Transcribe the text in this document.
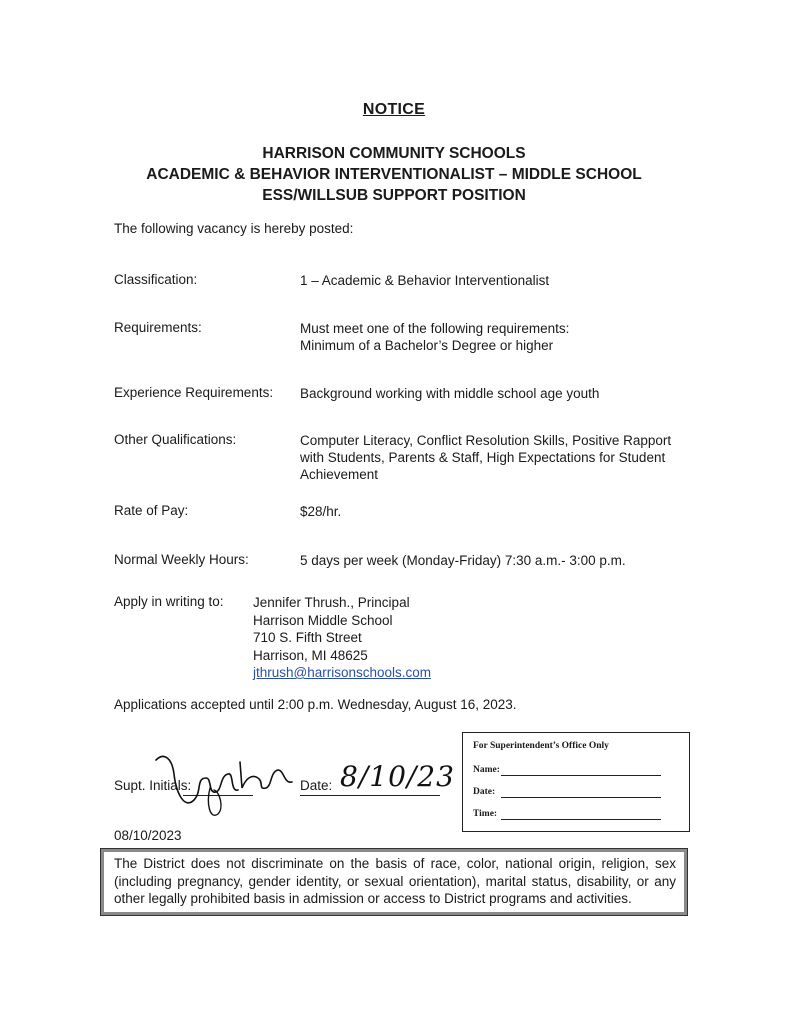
NOTICE
HARRISON COMMUNITY SCHOOLS
ACADEMIC & BEHAVIOR INTERVENTIONALIST – MIDDLE SCHOOL
ESS/WILLSUB SUPPORT POSITION
The following vacancy is hereby posted:
Classification:	1 – Academic & Behavior Interventionalist
Requirements:	Must meet one of the following requirements:
Minimum of a Bachelor’s Degree or higher
Experience Requirements: Background working with middle school age youth
Other Qualifications:	Computer Literacy, Conflict Resolution Skills, Positive Rapport
with Students, Parents & Staff, High Expectations for Student
Achievement
Rate of Pay:	$28/hr.
Normal Weekly Hours:	5 days per week (Monday-Friday) 7:30 a.m.- 3:00 p.m.
Apply in writing to: Jennifer Thrush., Principal
Harrison Middle School
710 S. Fifth Street
Harrison, MI 48625
jthrush@harrisonschools.com
Applications accepted until 2:00 p.m. Wednesday, August 16, 2023.
Supt. Initials:	Date: 8/10/23
08/10/2023
For Superintendent’s Office Only
Name:
Date:
Time:

The District does not discriminate on the basis of race, color, national origin, religion, sex (including pregnancy, gender identity, or sexual orientation), marital status, disability, or any other legally prohibited basis in admission or access to District programs and activities.
